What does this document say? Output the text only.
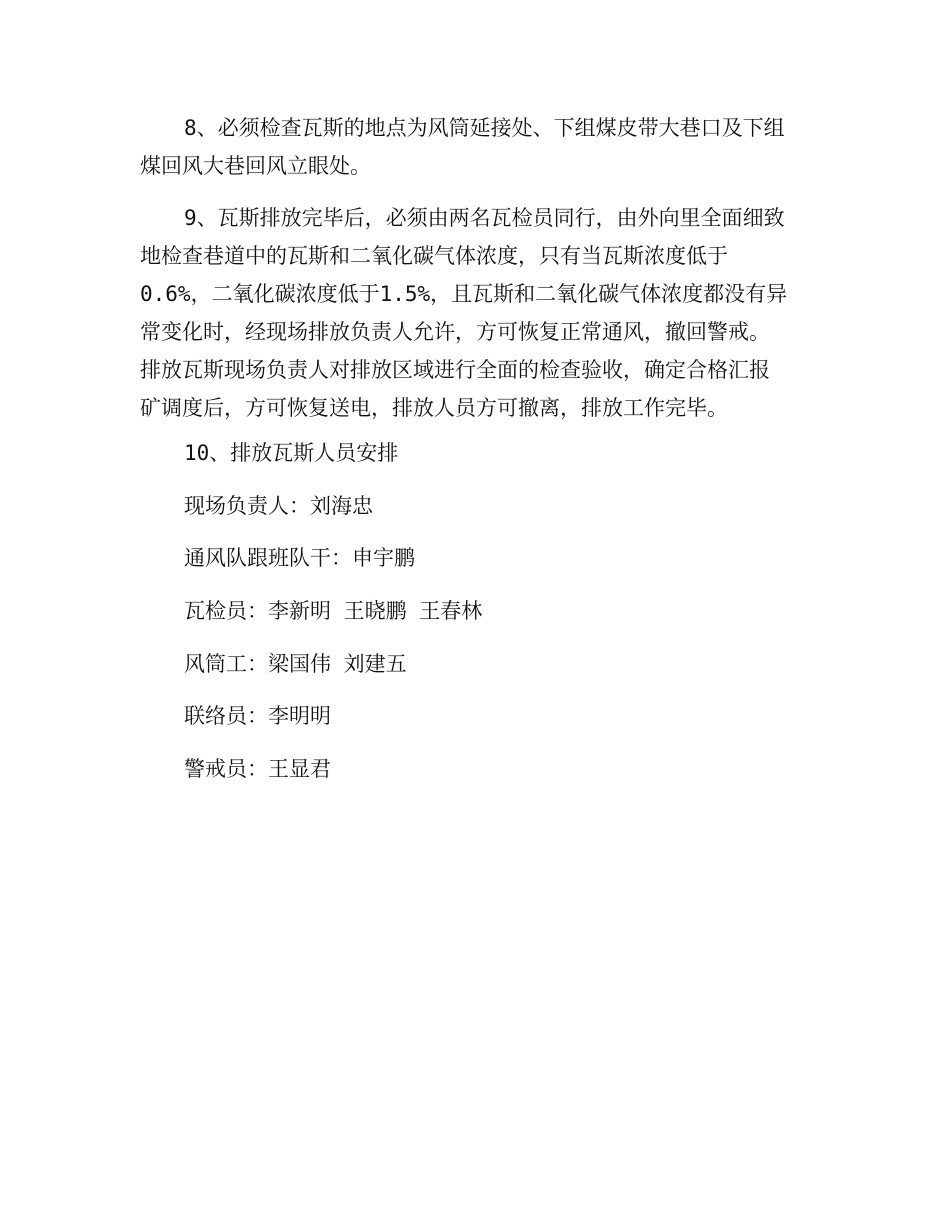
8、必须检查瓦斯的地点为风筒延接处、下组煤皮带大巷口及下组
煤回风大巷回风立眼处。
9、瓦斯排放完毕后，必须由两名瓦检员同行，由外向里全面细致
地检查巷道中的瓦斯和二氧化碳气体浓度，只有当瓦斯浓度低于
0.6%，二氧化碳浓度低于1.5%，且瓦斯和二氧化碳气体浓度都没有异
常变化时，经现场排放负责人允许，方可恢复正常通风，撤回警戒。
排放瓦斯现场负责人对排放区域进行全面的检查验收，确定合格汇报
矿调度后，方可恢复送电，排放人员方可撤离，排放工作完毕。
10、排放瓦斯人员安排
现场负责人：刘海忠
通风队跟班队干：申宇鹏
瓦检员：李新明 王晓鹏 王春林
风筒工：梁国伟 刘建五
联络员：李明明
警戒员：王显君
